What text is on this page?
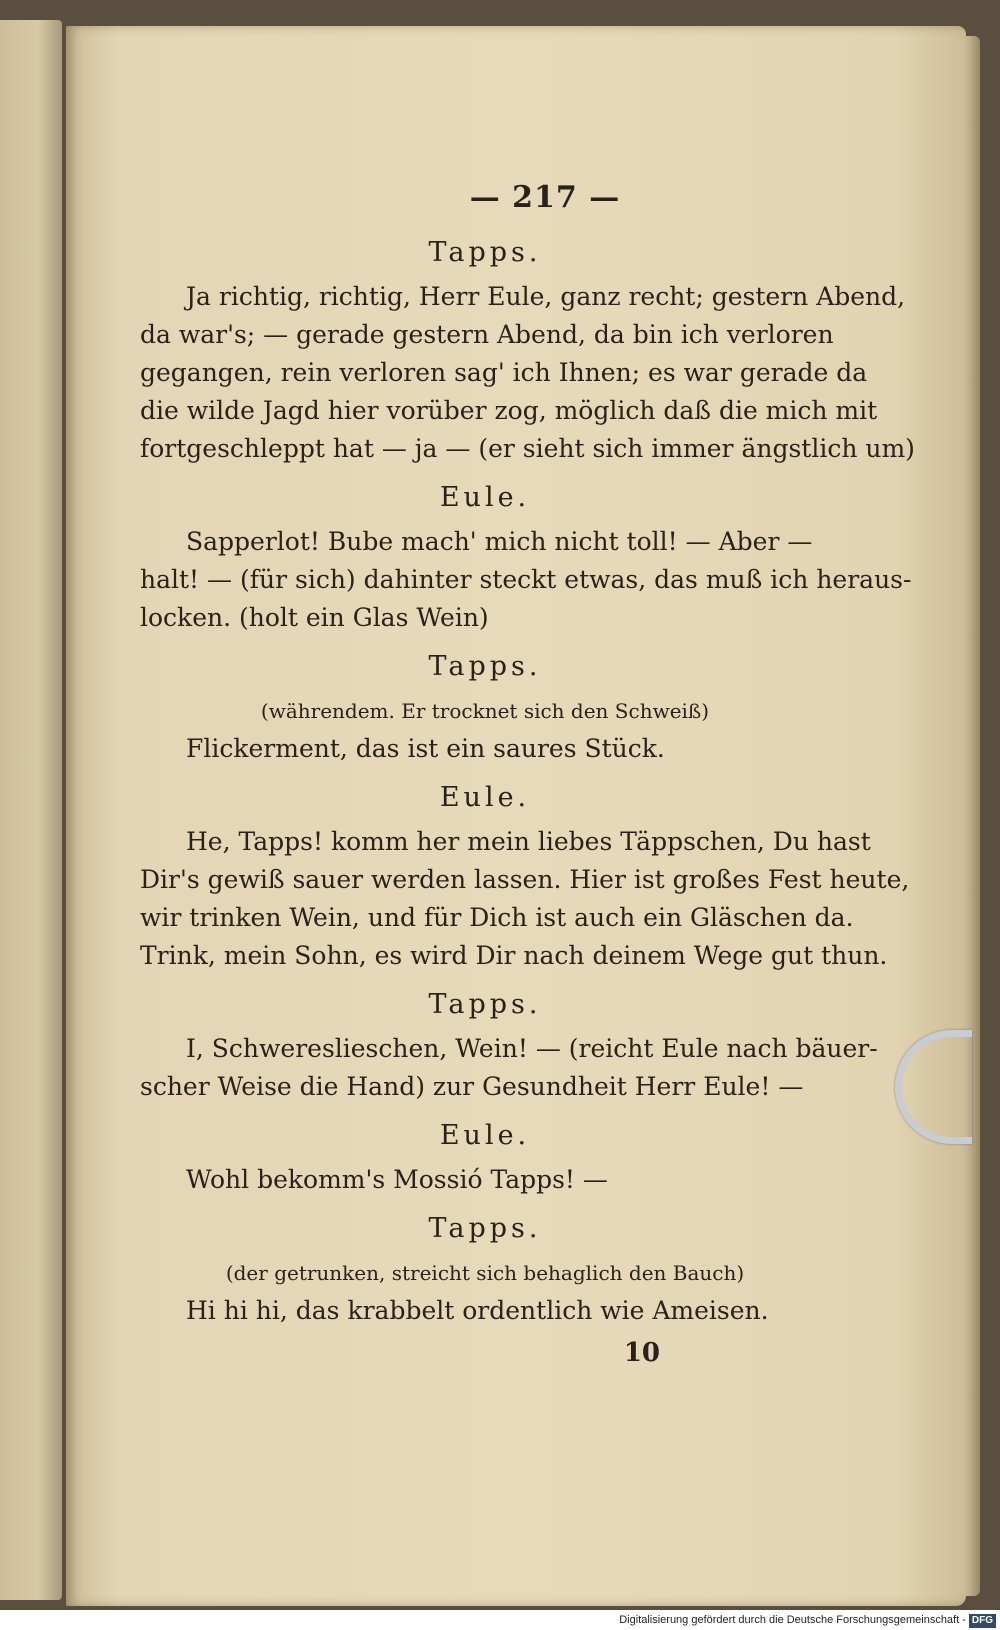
— 217 —
Tapps.
Ja richtig, richtig, Herr Eule, ganz recht; gestern Abend,
da war's; — gerade gestern Abend, da bin ich verloren
gegangen, rein verloren sag' ich Ihnen; es war gerade da
die wilde Jagd hier vorüber zog, möglich daß die mich mit
fortgeschleppt hat — ja — (er sieht sich immer ängstlich um)
Eule.
Sapperlot! Bube mach' mich nicht toll! — Aber —
halt! — (für sich) dahinter steckt etwas, das muß ich heraus-
locken. (holt ein Glas Wein)
Tapps.
(währendem. Er trocknet sich den Schweiß)
Flickerment, das ist ein saures Stück.
Eule.
He, Tapps! komm her mein liebes Täppschen, Du hast
Dir's gewiß sauer werden lassen. Hier ist großes Fest heute,
wir trinken Wein, und für Dich ist auch ein Gläschen da.
Trink, mein Sohn, es wird Dir nach deinem Wege gut thun.
Tapps.
I, Schwereslieschen, Wein! — (reicht Eule nach bäuer-
scher Weise die Hand) zur Gesundheit Herr Eule! —
Eule.
Wohl bekomm's Mossió Tapps! —
Tapps.
(der getrunken, streicht sich behaglich den Bauch)
Hi hi hi, das krabbelt ordentlich wie Ameisen.
10
Digitalisierung gefördert durch die Deutsche Forschungsgemeinschaft - DFG
